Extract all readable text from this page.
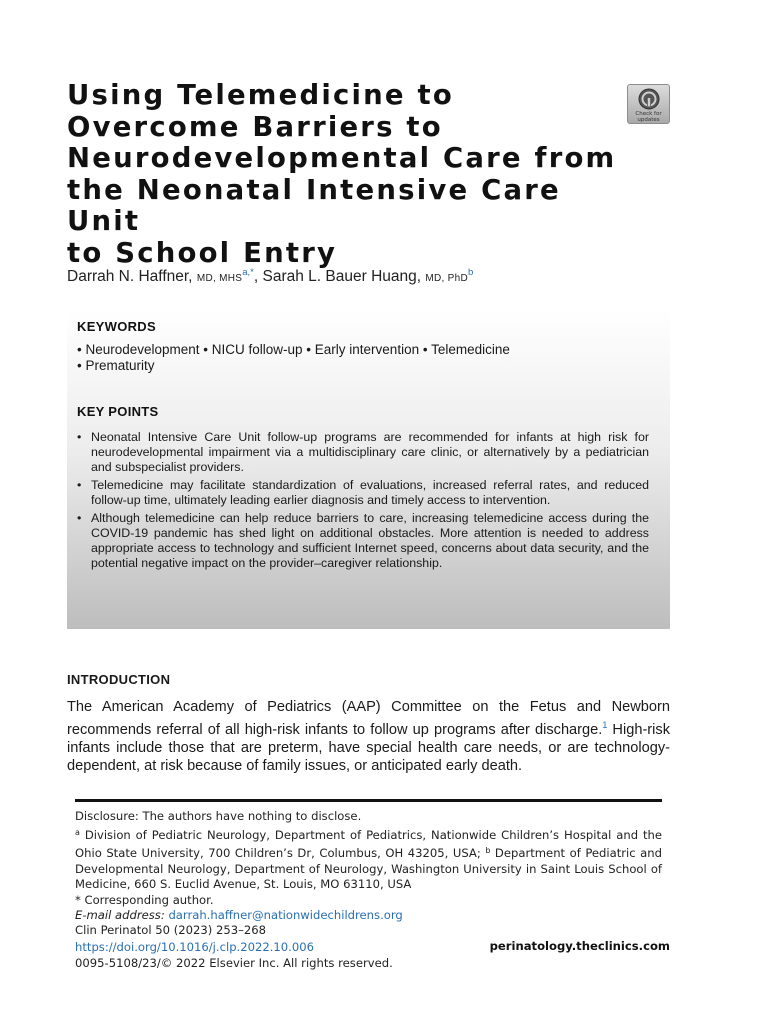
Using Telemedicine to
Overcome Barriers to
Neurodevelopmental Care from
the Neonatal Intensive Care Unit
to School Entry
Check for
updates
Darrah N. Haffner, MD, $MHS^{a,*}$, Sarah L. Bauer Huang, MD, PhD$^b$
KEYWORDS
• Neurodevelopment • NICU follow-up • Early intervention • Telemedicine
• Prematurity
KEY POINTS
• Neonatal Intensive Care Unit follow-up programs are recommended for infants at high risk for neurodevelopmental impairment via a multidisciplinary care clinic, or alternatively by a pediatrician and subspecialist providers.
• Telemedicine may facilitate standardization of evaluations, increased referral rates, and reduced follow-up time, ultimately leading earlier diagnosis and timely access to intervention.
• Although telemedicine can help reduce barriers to care, increasing telemedicine access during the COVID-19 pandemic has shed light on additional obstacles. More attention is needed to address appropriate access to technology and sufficient Internet speed, concerns about data security, and the potential negative impact on the provider–caregiver relationship.
INTRODUCTION

The American Academy of Pediatrics (AAP) Committee on the Fetus and Newborn recommends referral of all high-risk infants to follow up programs after discharge.$^1$ High-risk infants include those that are preterm, have special health care needs, or are technology-dependent, at risk because of family issues, or anticipated early death.

Disclosure: The authors have nothing to disclose.

$^a$ Division of Pediatric Neurology, Department of Pediatrics, Nationwide Children’s Hospital and the Ohio State University, 700 Children’s Dr, Columbus, OH 43205, USA; $^b$ Department of Pediatric and Developmental Neurology, Department of Neurology, Washington University in Saint Louis School of Medicine, 660 S. Euclid Avenue, St. Louis, MO 63110, USA

* Corresponding author.

E-mail address: darrah.haffner@nationwidechildrens.org

Clin Perinatol 50 (2023) 253–268
https://doi.org/10.1016/j.clp.2022.10.006
0095-5108/23/© 2022 Elsevier Inc. All rights reserved.
perinatology.theclinics.com
